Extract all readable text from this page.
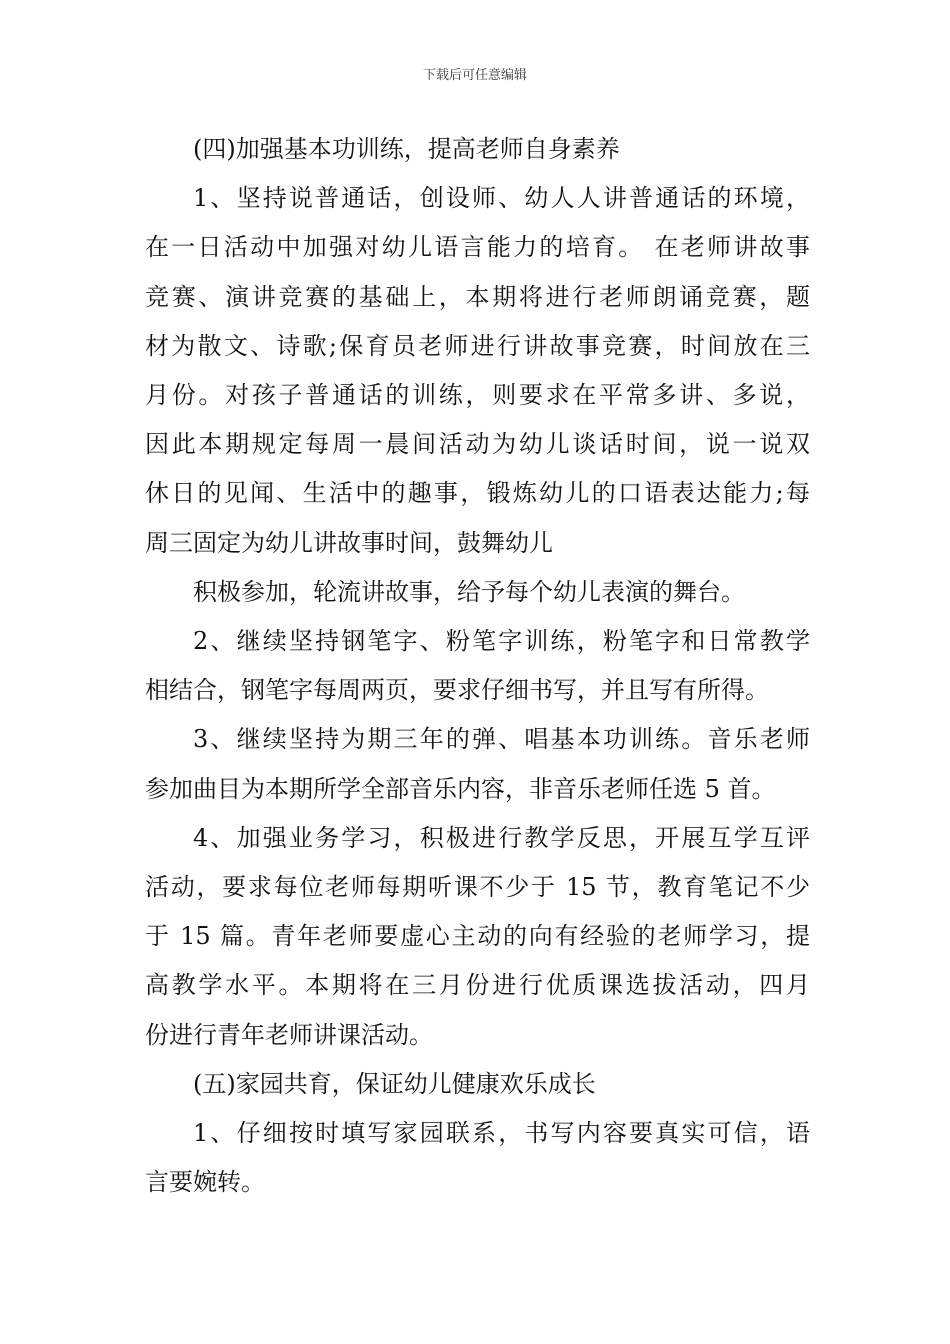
下载后可任意编辑
(四)加强基本功训练，提高老师自身素养
1、坚持说普通话，创设师、幼人人讲普通话的环境，
在一日活动中加强对幼儿语言能力的培育。 在老师讲故事
竞赛、演讲竞赛的基础上，本期将进行老师朗诵竞赛，题
材为散文、诗歌;保育员老师进行讲故事竞赛，时间放在三
月份。对孩子普通话的训练，则要求在平常多讲、多说，
因此本期规定每周一晨间活动为幼儿谈话时间，说一说双
休日的见闻、生活中的趣事，锻炼幼儿的口语表达能力;每
周三固定为幼儿讲故事时间，鼓舞幼儿
积极参加，轮流讲故事，给予每个幼儿表演的舞台。
2、继续坚持钢笔字、粉笔字训练，粉笔字和日常教学
相结合，钢笔字每周两页，要求仔细书写，并且写有所得。
3、继续坚持为期三年的弹、唱基本功训练。音乐老师
参加曲目为本期所学全部音乐内容，非音乐老师任选 5 首。
4、加强业务学习，积极进行教学反思，开展互学互评
活动，要求每位老师每期听课不少于 15 节，教育笔记不少
于 15 篇。青年老师要虚心主动的向有经验的老师学习，提
高教学水平。本期将在三月份进行优质课选拔活动，四月
份进行青年老师讲课活动。
(五)家园共育，保证幼儿健康欢乐成长
1、仔细按时填写家园联系，书写内容要真实可信，语
言要婉转。
